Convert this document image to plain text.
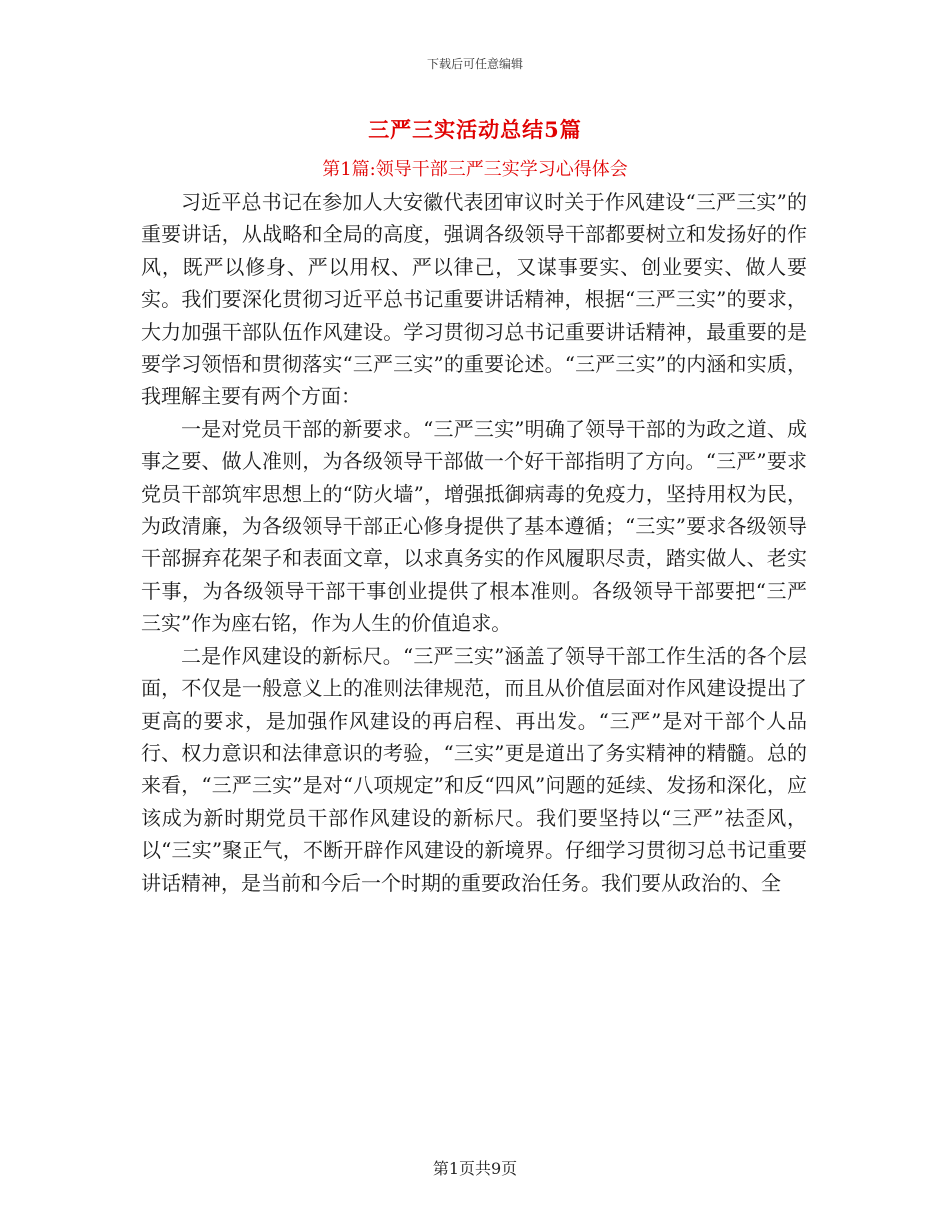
下载后可任意编辑
三严三实活动总结5篇
第1篇:领导干部三严三实学习心得体会

习近平总书记在参加人大安徽代表团审议时关于作风建设“三严三实”的重要讲话，从战略和全局的高度，强调各级领导干部都要树立和发扬好的作风，既严以修身、严以用权、严以律己，又谋事要实、创业要实、做人要实。我们要深化贯彻习近平总书记重要讲话精神，根据“三严三实”的要求，大力加强干部队伍作风建设。学习贯彻习总书记重要讲话精神，最重要的是要学习领悟和贯彻落实“三严三实”的重要论述。“三严三实”的内涵和实质，我理解主要有两个方面：

一是对党员干部的新要求。“三严三实”明确了领导干部的为政之道、成事之要、做人准则，为各级领导干部做一个好干部指明了方向。“三严”要求党员干部筑牢思想上的“防火墙”，增强抵御病毒的免疫力，坚持用权为民，为政清廉，为各级领导干部正心修身提供了基本遵循；“三实”要求各级领导干部摒弃花架子和表面文章，以求真务实的作风履职尽责，踏实做人、老实干事，为各级领导干部干事创业提供了根本准则。各级领导干部要把“三严三实”作为座右铭，作为人生的价值追求。

二是作风建设的新标尺。“三严三实”涵盖了领导干部工作生活的各个层面，不仅是一般意义上的准则法律规范，而且从价值层面对作风建设提出了更高的要求，是加强作风建设的再启程、再出发。“三严”是对干部个人品行、权力意识和法律意识的考验，“三实”更是道出了务实精神的精髓。总的来看，“三严三实”是对“八项规定”和反“四风”问题的延续、发扬和深化，应该成为新时期党员干部作风建设的新标尺。我们要坚持以“三严”祛歪风，以“三实”聚正气，不断开辟作风建设的新境界。仔细学习贯彻习总书记重要讲话精神，是当前和今后一个时期的重要政治任务。我们要从政治的、全

第1页共9页
